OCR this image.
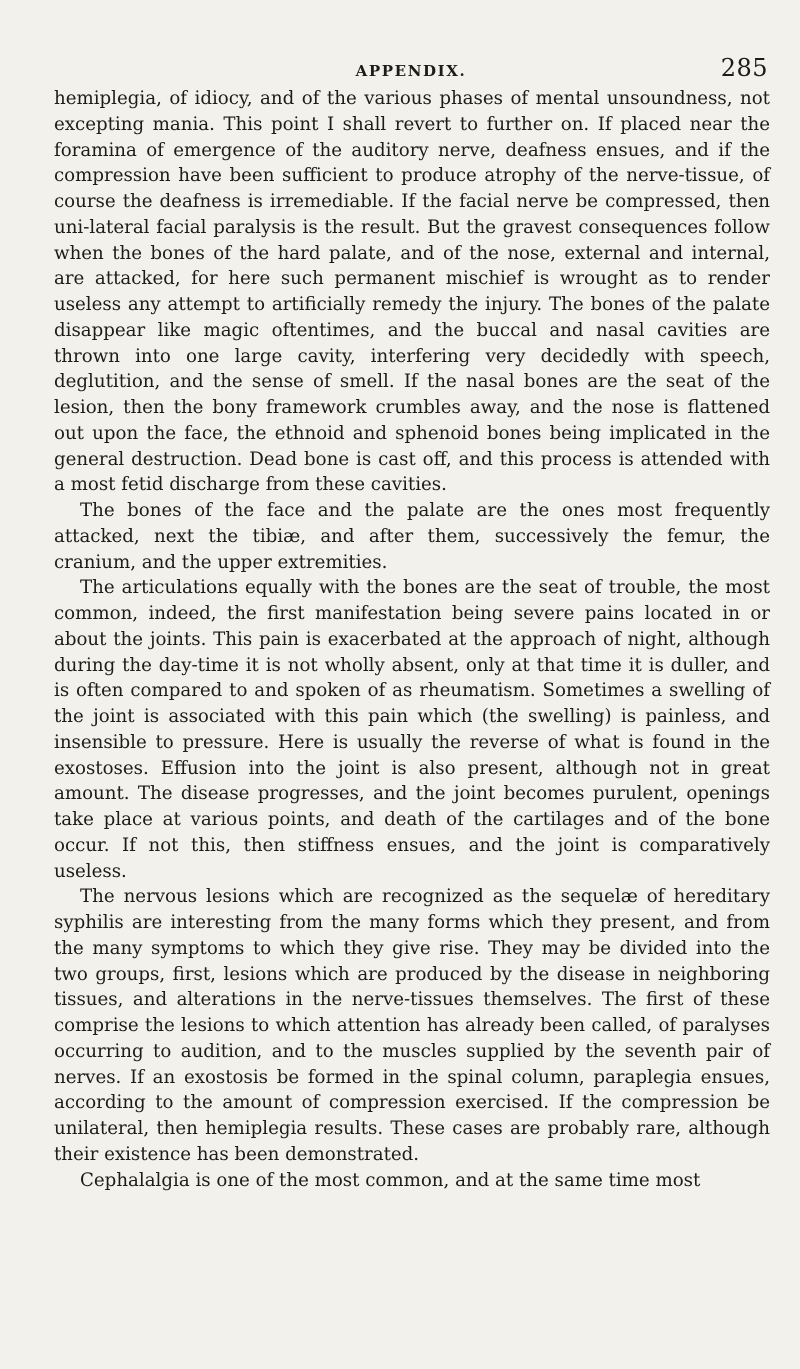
APPENDIX.	285

hemiplegia, of idiocy, and of the various phases of mental unsoundness, not excepting mania. This point I shall revert to further on. If placed near the foramina of emergence of the auditory nerve, deafness ensues, and if the compression have been sufficient to produce atrophy of the nerve-tissue, of course the deafness is irremediable. If the facial nerve be compressed, then uni-lateral facial paralysis is the result. But the gravest consequences follow when the bones of the hard palate, and of the nose, external and internal, are attacked, for here such permanent mischief is wrought as to render useless any attempt to artificially remedy the injury. The bones of the palate disappear like magic oftentimes, and the buccal and nasal cavities are thrown into one large cavity, interfering very decidedly with speech, deglutition, and the sense of smell. If the nasal bones are the seat of the lesion, then the bony framework crumbles away, and the nose is flattened out upon the face, the ethnoid and sphenoid bones being implicated in the general destruction. Dead bone is cast off, and this process is attended with a most fetid discharge from these cavities.

The bones of the face and the palate are the ones most frequently attacked, next the tibiæ, and after them, successively the femur, the cranium, and the upper extremities.

The articulations equally with the bones are the seat of trouble, the most common, indeed, the first manifestation being severe pains located in or about the joints. This pain is exacerbated at the approach of night, although during the day-time it is not wholly absent, only at that time it is duller, and is often compared to and spoken of as rheumatism. Sometimes a swelling of the joint is associated with this pain which (the swelling) is painless, and insensible to pressure. Here is usually the reverse of what is found in the exostoses. Effusion into the joint is also present, although not in great amount. The disease progresses, and the joint becomes purulent, openings take place at various points, and death of the cartilages and of the bone occur. If not this, then stiffness ensues, and the joint is comparatively useless.

The nervous lesions which are recognized as the sequelæ of hereditary syphilis are interesting from the many forms which they present, and from the many symptoms to which they give rise. They may be divided into the two groups, first, lesions which are produced by the disease in neighboring tissues, and alterations in the nerve-tissues themselves. The first of these comprise the lesions to which attention has already been called, of paralyses occurring to audition, and to the muscles supplied by the seventh pair of nerves. If an exostosis be formed in the spinal column, paraplegia ensues, according to the amount of compression exercised. If the compression be unilateral, then hemiplegia results. These cases are probably rare, although their existence has been demonstrated.

Cephalalgia is one of the most common, and at the same time most
